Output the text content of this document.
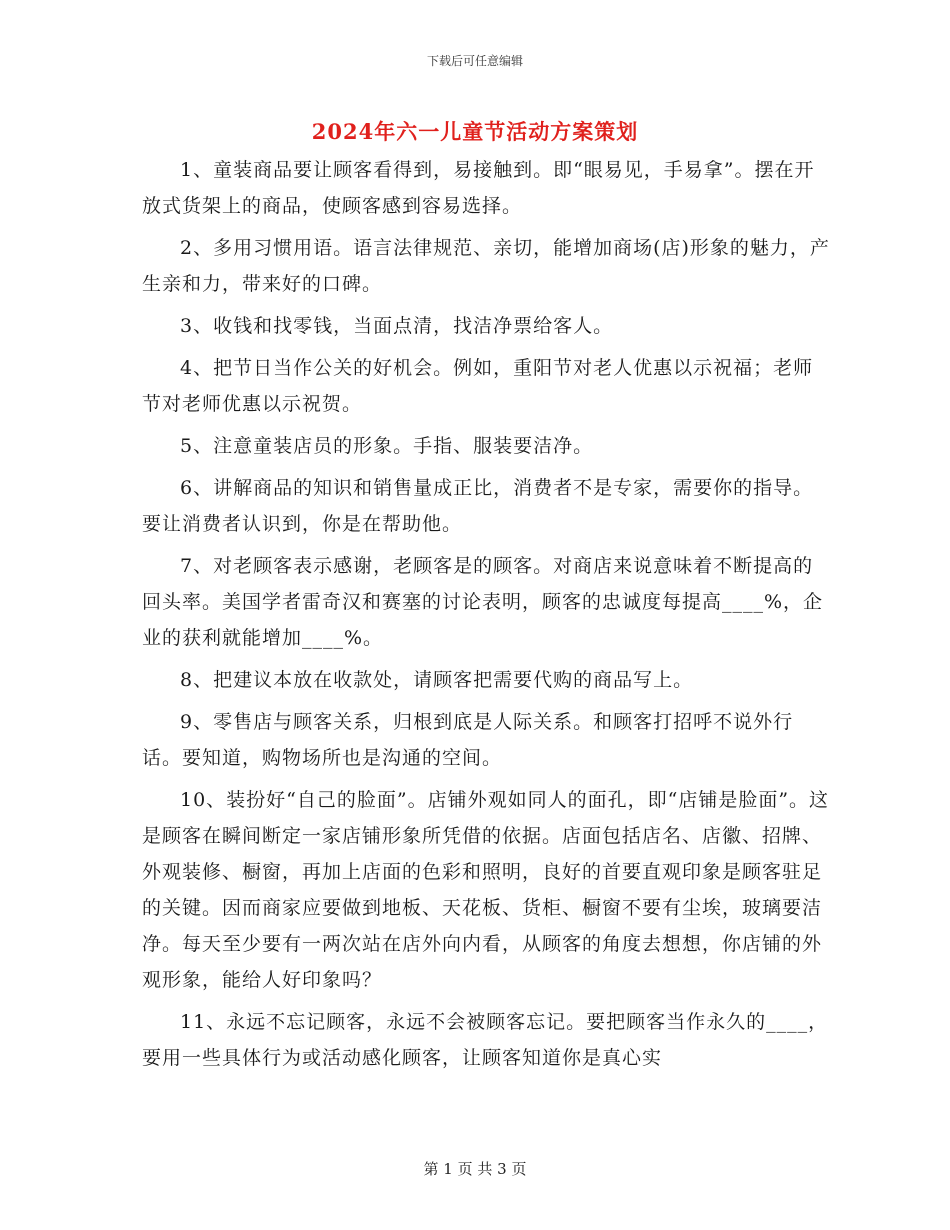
下载后可任意编辑
2024年六一儿童节活动方案策划

1、童装商品要让顾客看得到，易接触到。即“眼易见，手易拿”。摆在开放式货架上的商品，使顾客感到容易选择。

2、多用习惯用语。语言法律规范、亲切，能增加商场(店)形象的魅力，产生亲和力，带来好的口碑。

3、收钱和找零钱，当面点清，找洁净票给客人。

4、把节日当作公关的好机会。例如，重阳节对老人优惠以示祝福；老师节对老师优惠以示祝贺。

5、注意童装店员的形象。手指、服装要洁净。

6、讲解商品的知识和销售量成正比，消费者不是专家，需要你的指导。要让消费者认识到，你是在帮助他。

7、对老顾客表示感谢，老顾客是的顾客。对商店来说意味着不断提高的回头率。美国学者雷奇汉和赛塞的讨论表明，顾客的忠诚度每提高____%，企业的获利就能增加____%。

8、把建议本放在收款处，请顾客把需要代购的商品写上。

9、零售店与顾客关系，归根到底是人际关系。和顾客打招呼不说外行话。要知道，购物场所也是沟通的空间。

10、装扮好“自己的脸面”。店铺外观如同人的面孔，即“店铺是脸面”。这是顾客在瞬间断定一家店铺形象所凭借的依据。店面包括店名、店徽、招牌、外观装修、橱窗，再加上店面的色彩和照明，良好的首要直观印象是顾客驻足的关键。因而商家应要做到地板、天花板、货柜、橱窗不要有尘埃，玻璃要洁净。每天至少要有一两次站在店外向内看，从顾客的角度去想想，你店铺的外观形象，能给人好印象吗？

11、永远不忘记顾客，永远不会被顾客忘记。要把顾客当作永久的____，要用一些具体行为或活动感化顾客，让顾客知道你是真心实

第 1 页 共 3 页
